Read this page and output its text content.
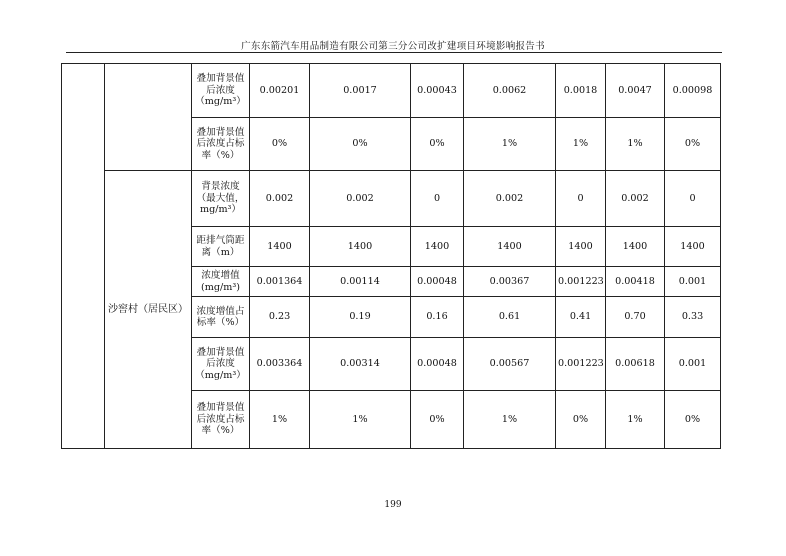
广东东箭汽车用品制造有限公司第三分公司改扩建项目环境影响报告书
		叠加背景值后浓度（mg/m³）	0.00201	0.0017	0.00043	0.0062	0.0018	0.0047	0.00098
		叠加背景值后浓度占标率（%）	0%	0%	0%	1%	1%	1%	0%
	沙窖村（居民区）	背景浓度（最大值，mg/m³）	0.002	0.002	0	0.002	0	0.002	0
		距排气筒距离（m）	1400	1400	1400	1400	1400	1400	1400
		浓度增值(mg/m³)	0.001364	0.00114	0.00048	0.00367	0.001223	0.00418	0.001
		浓度增值占标率（%）	0.23	0.19	0.16	0.61	0.41	0.70	0.33
		叠加背景值后浓度（mg/m³）	0.003364	0.00314	0.00048	0.00567	0.001223	0.00618	0.001
		叠加背景值后浓度占标率（%）	1%	1%	0%	1%	0%	1%	0%
199
